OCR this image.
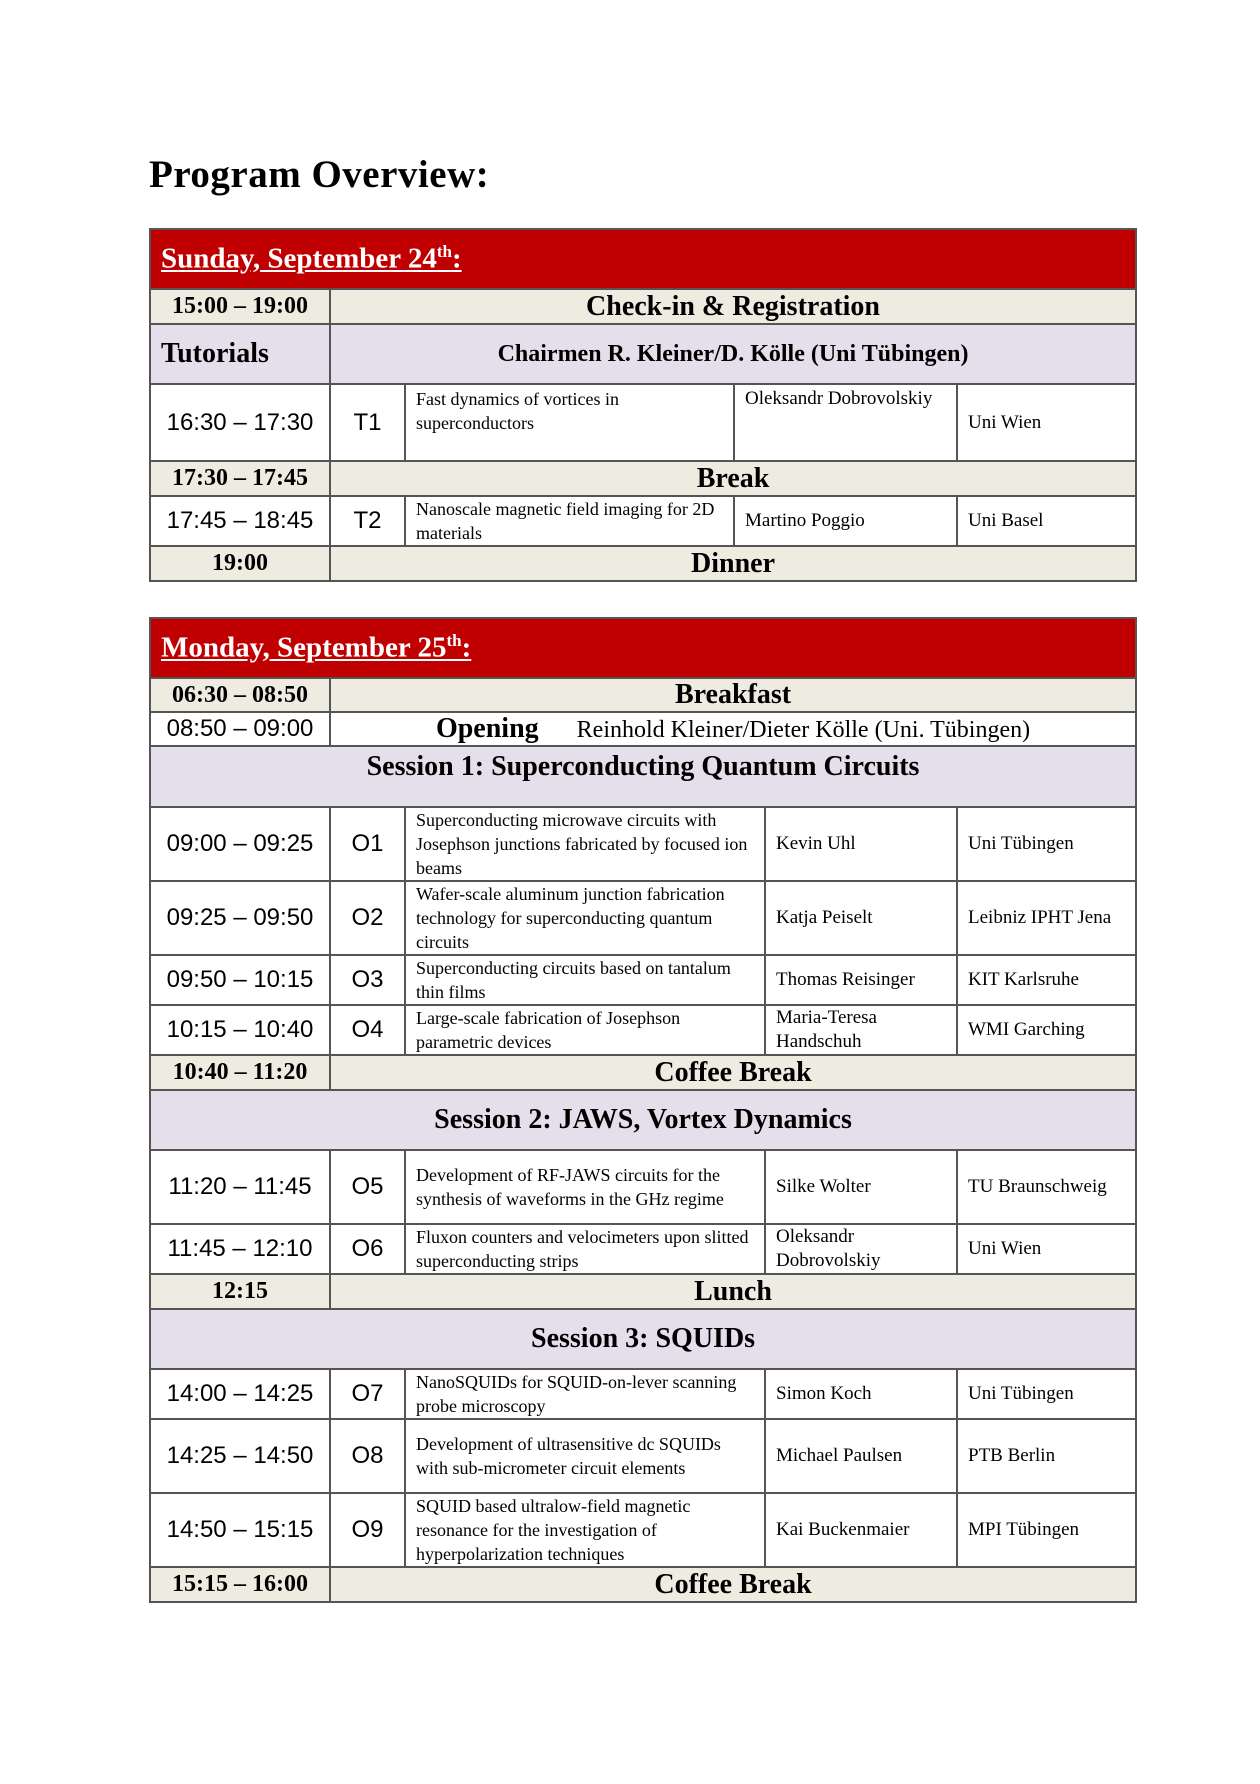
Program Overview:
Sunday, September 24th:				
15:00 – 19:00	Check-in & Registration			
Tutorials	Chairmen R. Kleiner/D. Kölle (Uni Tübingen)			
16:30 – 17:30	T1	Fast dynamics of vortices in superconductors	Oleksandr Dobrovolskiy	Uni Wien
17:30 – 17:45	Break			
17:45 – 18:45	T2	Nanoscale magnetic field imaging for 2D materials	Martino Poggio	Uni Basel
19:00	Dinner			
Monday, September 25th:				
06:30 – 08:50	Breakfast			
08:50 – 09:00	Opening Reinhold Kleiner/Dieter Kölle (Uni. Tübingen)			
Session 1: Superconducting Quantum Circuits				
09:00 – 09:25	O1	Superconducting microwave circuits with Josephson junctions fabricated by focused ion beams	Kevin Uhl	Uni Tübingen
09:25 – 09:50	O2	Wafer-scale aluminum junction fabrication technology for superconducting quantum circuits	Katja Peiselt	Leibniz IPHT Jena
09:50 – 10:15	O3	Superconducting circuits based on tantalum thin films	Thomas Reisinger	KIT Karlsruhe
10:15 – 10:40	O4	Large-scale fabrication of Josephson parametric devices	Maria-Teresa Handschuh	WMI Garching
10:40 – 11:20	Coffee Break			
Session 2: JAWS, Vortex Dynamics				
11:20 – 11:45	O5	Development of RF-JAWS circuits for the synthesis of waveforms in the GHz regime	Silke Wolter	TU Braunschweig
11:45 – 12:10	O6	Fluxon counters and velocimeters upon slitted superconducting strips	Oleksandr Dobrovolskiy	Uni Wien
12:15	Lunch			
Session 3: SQUIDs				
14:00 – 14:25	O7	NanoSQUIDs for SQUID-on-lever scanning probe microscopy	Simon Koch	Uni Tübingen
14:25 – 14:50	O8	Development of ultrasensitive dc SQUIDs with sub-micrometer circuit elements	Michael Paulsen	PTB Berlin
14:50 – 15:15	O9	SQUID based ultralow-field magnetic resonance for the investigation of hyperpolarization techniques	Kai Buckenmaier	MPI Tübingen
15:15 – 16:00	Coffee Break			
